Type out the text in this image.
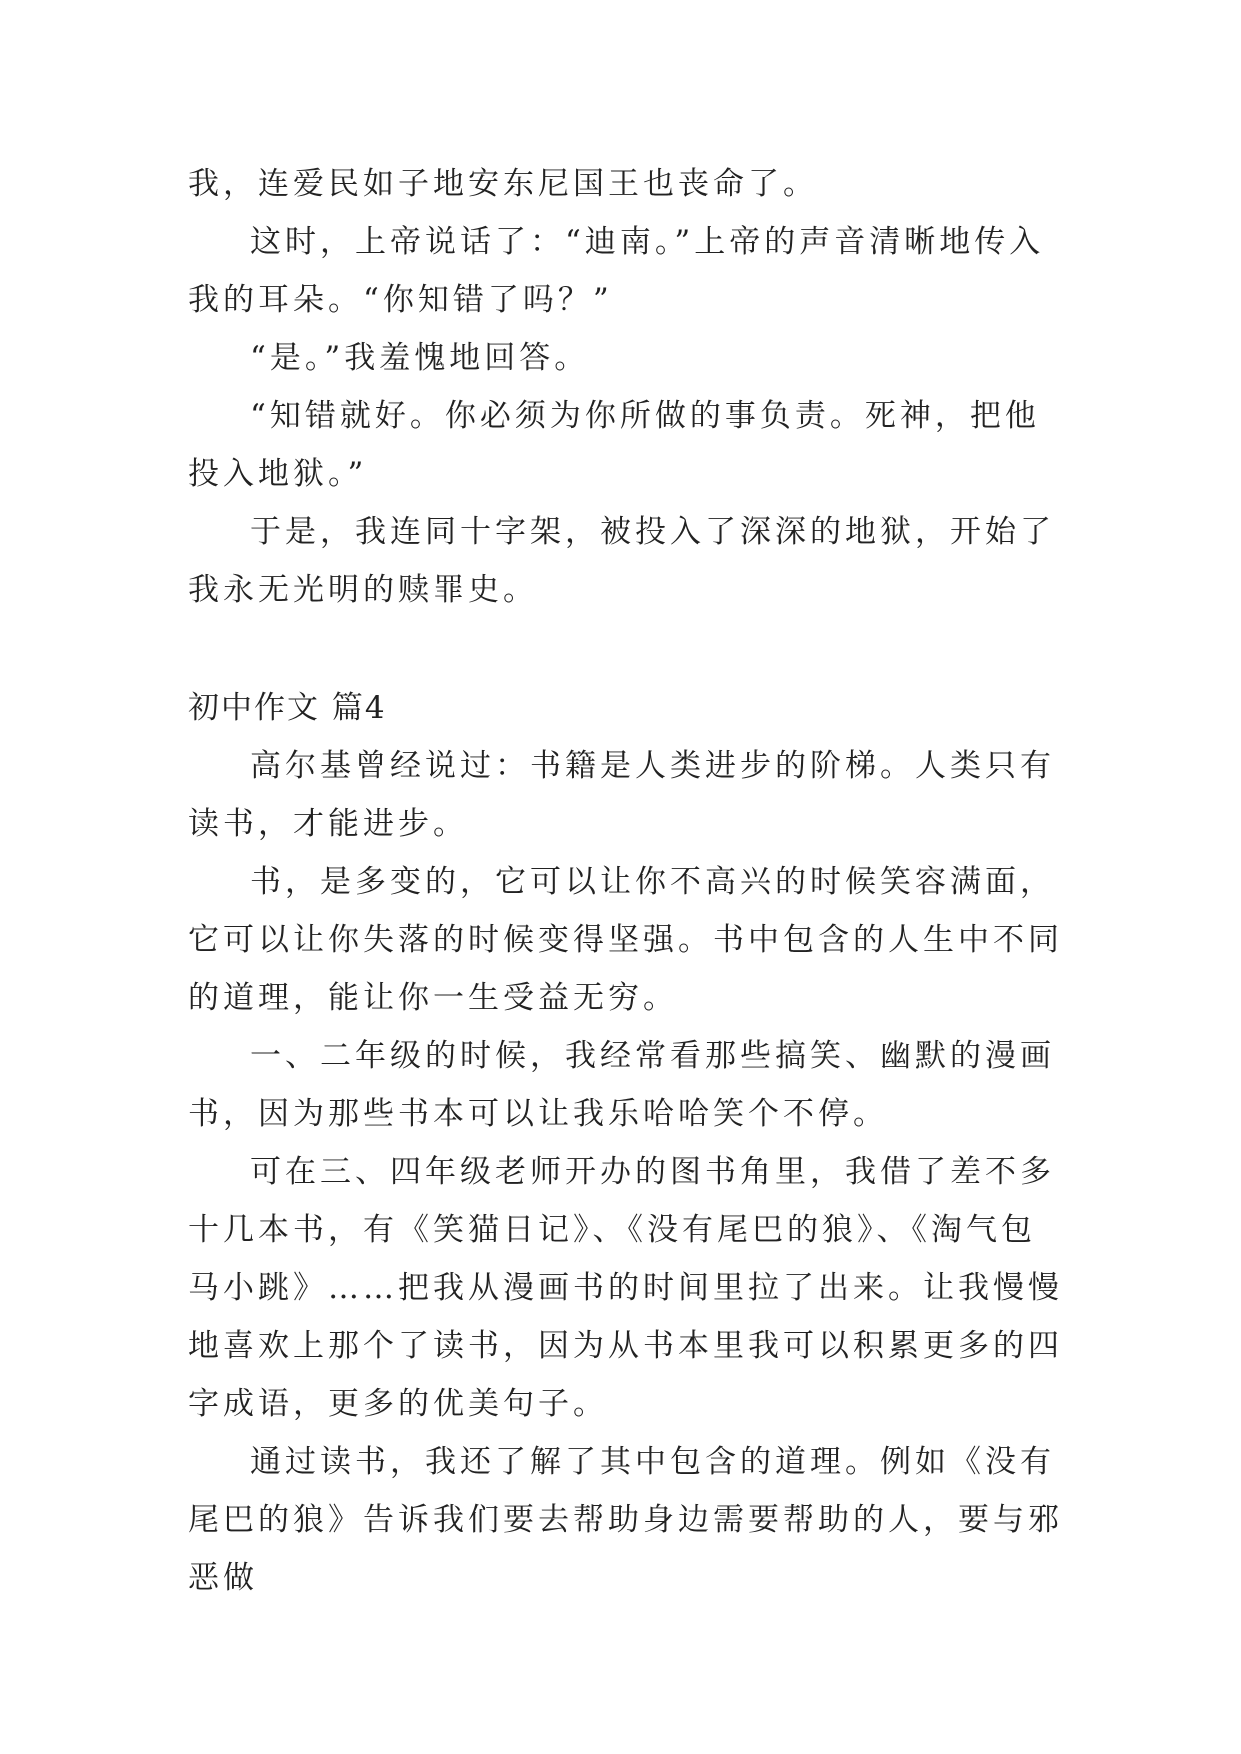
我，连爱民如子地安东尼国王也丧命了。

这时，上帝说话了：“迪南。”上帝的声音清晰地传入我的耳朵。“你知错了吗？”

“是。”我羞愧地回答。

“知错就好。你必须为你所做的事负责。死神，把他投入地狱。”

于是，我连同十字架，被投入了深深的地狱，开始了我永无光明的赎罪史。

初中作文 篇4

高尔基曾经说过：书籍是人类进步的阶梯。人类只有读书，才能进步。

书，是多变的，它可以让你不高兴的时候笑容满面，它可以让你失落的时候变得坚强。书中包含的人生中不同的道理，能让你一生受益无穷。

一、二年级的时候，我经常看那些搞笑、幽默的漫画书，因为那些书本可以让我乐哈哈笑个不停。

可在三、四年级老师开办的图书角里，我借了差不多十几本书，有《笑猫日记》、《没有尾巴的狼》、《淘气包马小跳》……把我从漫画书的时间里拉了出来。让我慢慢地喜欢上那个了读书，因为从书本里我可以积累更多的四字成语，更多的优美句子。

通过读书，我还了解了其中包含的道理。例如《没有尾巴的狼》告诉我们要去帮助身边需要帮助的人，要与邪恶做
